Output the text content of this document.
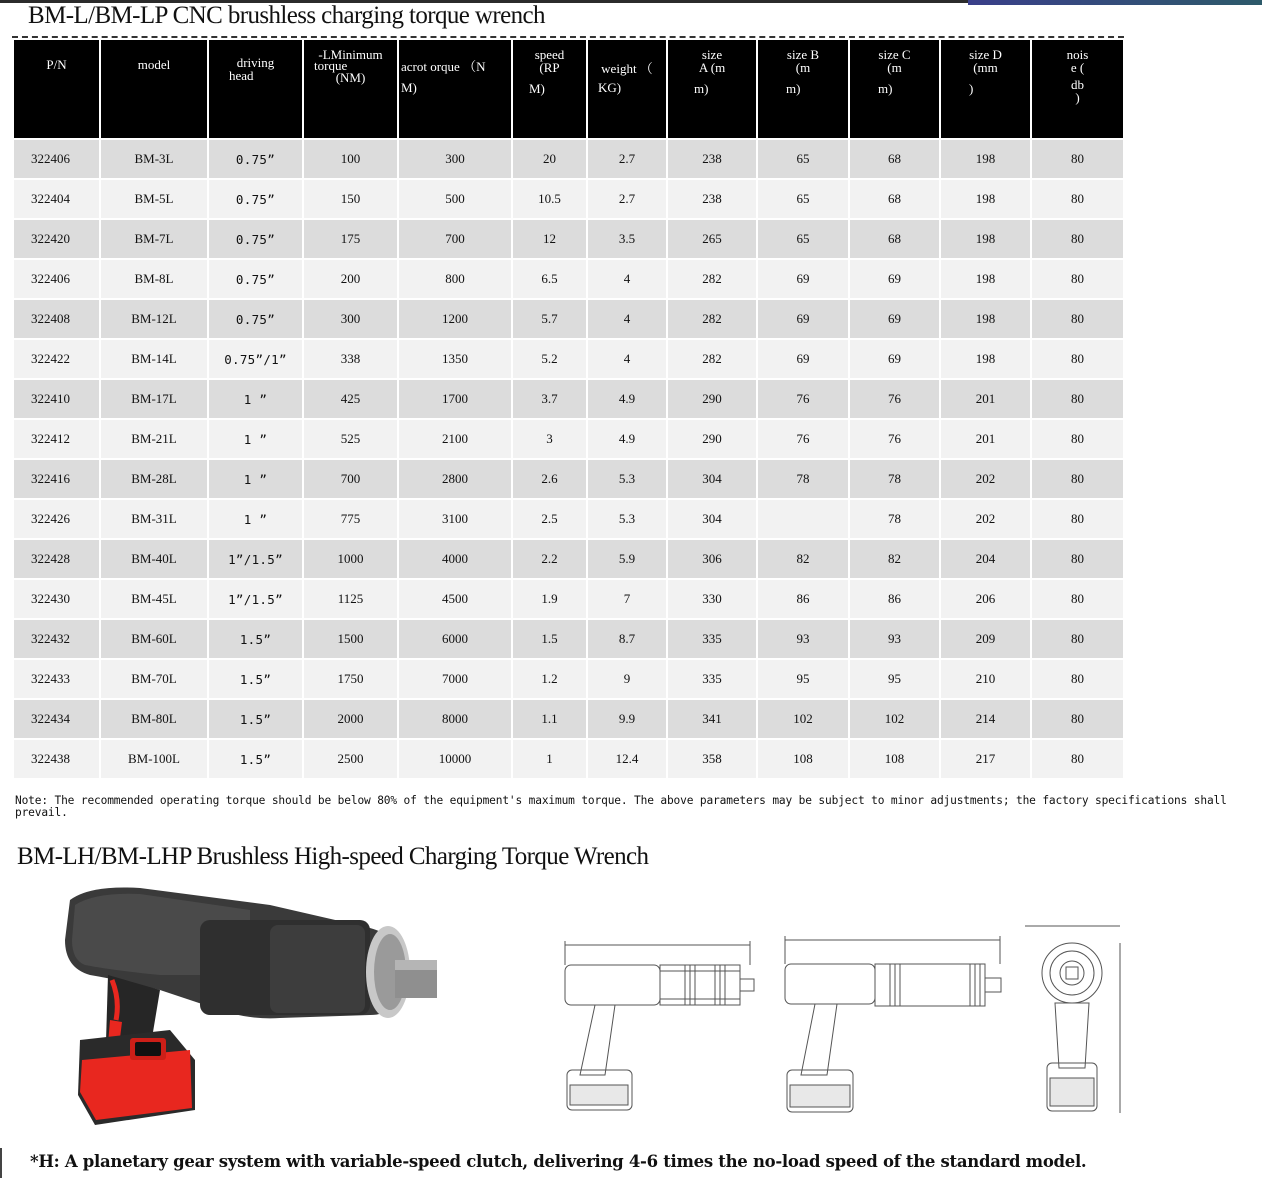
BM-L/BM-LP CNC brushless charging torque wrench
P/N	model	driving
head	-LMinimum
torque
(NM)	acrot orque （N
M)	speed
(RP
M)	weight （
KG)	size
A (m
m)	size B
(m
m)	size C
(m
m)	size D
(mm
)	nois
e (
db
)

322406	BM-3L	0.75”	100	300	20	2.7	238	65	68	198	80
322404	BM-5L	0.75”	150	500	10.5	2.7	238	65	68	198	80
322420	BM-7L	0.75”	175	700	12	3.5	265	65	68	198	80
322406	BM-8L	0.75”	200	800	6.5	4	282	69	69	198	80
322408	BM-12L	0.75”	300	1200	5.7	4	282	69	69	198	80
322422	BM-14L	0.75”/1”	338	1350	5.2	4	282	69	69	198	80
322410	BM-17L	1 ”	425	1700	3.7	4.9	290	76	76	201	80
322412	BM-21L	1 ”	525	2100	3	4.9	290	76	76	201	80
322416	BM-28L	1 ”	700	2800	2.6	5.3	304	78	78	202	80
322426	BM-31L	1 ”	775	3100	2.5	5.3	304		78	202	80
322428	BM-40L	1”/1.5”	1000	4000	2.2	5.9	306	82	82	204	80
322430	BM-45L	1”/1.5”	1125	4500	1.9	7	330	86	86	206	80
322432	BM-60L	1.5”	1500	6000	1.5	8.7	335	93	93	209	80
322433	BM-70L	1.5”	1750	7000	1.2	9	335	95	95	210	80
322434	BM-80L	1.5”	2000	8000	1.1	9.9	341	102	102	214	80
322438	BM-100L	1.5”	2500	10000	1	12.4	358	108	108	217	80
Note: The recommended operating torque should be below 80% of the equipment's maximum torque. The above parameters may be subject to minor adjustments; the factory specifications shall prevail.
BM-LH/BM-LHP Brushless High-speed Charging Torque Wrench
*H: A planetary gear system with variable-speed clutch, delivering 4-6 times the no-load speed of the standard model.
